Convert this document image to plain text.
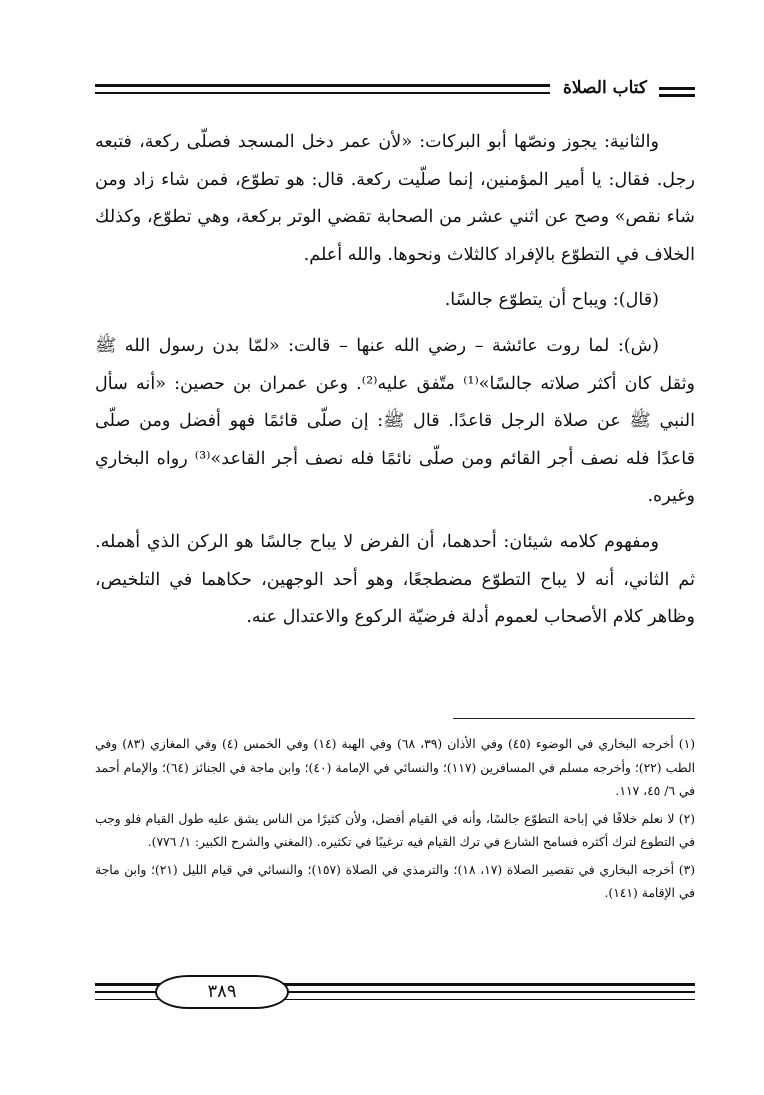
كتاب الصلاة

والثانية: يجوز ونصّها أبو البركات: «لأن عمر دخل المسجد فصلّى ركعة، فتبعه رجل. فقال: يا أمير المؤمنين، إنما صلّيت ركعة. قال: هو تطوّع، فمن شاء زاد ومن شاء نقص» وصح عن اثني عشر من الصحابة تقضي الوتر بركعة، وهي تطوّع، وكذلك الخلاف في التطوّع بالإفراد كالثلاث ونحوها. والله أعلم.

(قال): ويباح أن يتطوّع جالسًا.

(ش): لما روت عائشة – رضي الله عنها – قالت: «لمّا بدن رسول الله ﷺ وثقل كان أكثر صلاته جالسًا»⁽¹⁾ متّفق عليه⁽²⁾. وعن عمران بن حصين: «أنه سأل النبي ﷺ عن صلاة الرجل قاعدًا. قال ﷺ: إن صلّى قائمًا فهو أفضل ومن صلّى قاعدًا فله نصف أجر القائم ومن صلّى نائمًا فله نصف أجر القاعد»⁽³⁾ رواه البخاري وغيره.

ومفهوم كلامه شيئان: أحدهما، أن الفرض لا يباح جالسًا هو الركن الذي أهمله. ثم الثاني، أنه لا يباح التطوّع مضطجعًا، وهو أحد الوجهين، حكاهما في التلخيص، وظاهر كلام الأصحاب لعموم أدلة فرضيّة الركوع والاعتدال عنه.

(١) أخرجه البخاري في الوضوء (٤٥) وفي الأذان (٣٩، ٦٨) وفي الهبة (١٤) وفي الخمس (٤) وفي المغازي (٨٣) وفي الطب (٢٢)؛ وأخرجه مسلم في المسافرين (١١٧)؛ والنسائي في الإمامة (٤٠)؛ وابن ماجة في الجنائز (٦٤)؛ والإمام أحمد في ٦/ ٤٥، ١١٧.

(٢) لا نعلم خلافًا في إباحة التطوّع جالسًا، وأنه في القيام أفضل، ولأن كثيرًا من الناس يشق عليه طول القيام فلو وجب في التطوع لترك أكثره فسامح الشارع في ترك القيام فيه ترغيبًا في تكثيره. (المغني والشرح الكبير: ١/ ٧٧٦).

(٣) أخرجه البخاري في تقصير الصلاة (١٧، ١٨)؛ والترمذي في الصلاة (١٥٧)؛ والنسائي في قيام الليل (٢١)؛ وابن ماجة في الإقامة (١٤١).

٣٨٩
